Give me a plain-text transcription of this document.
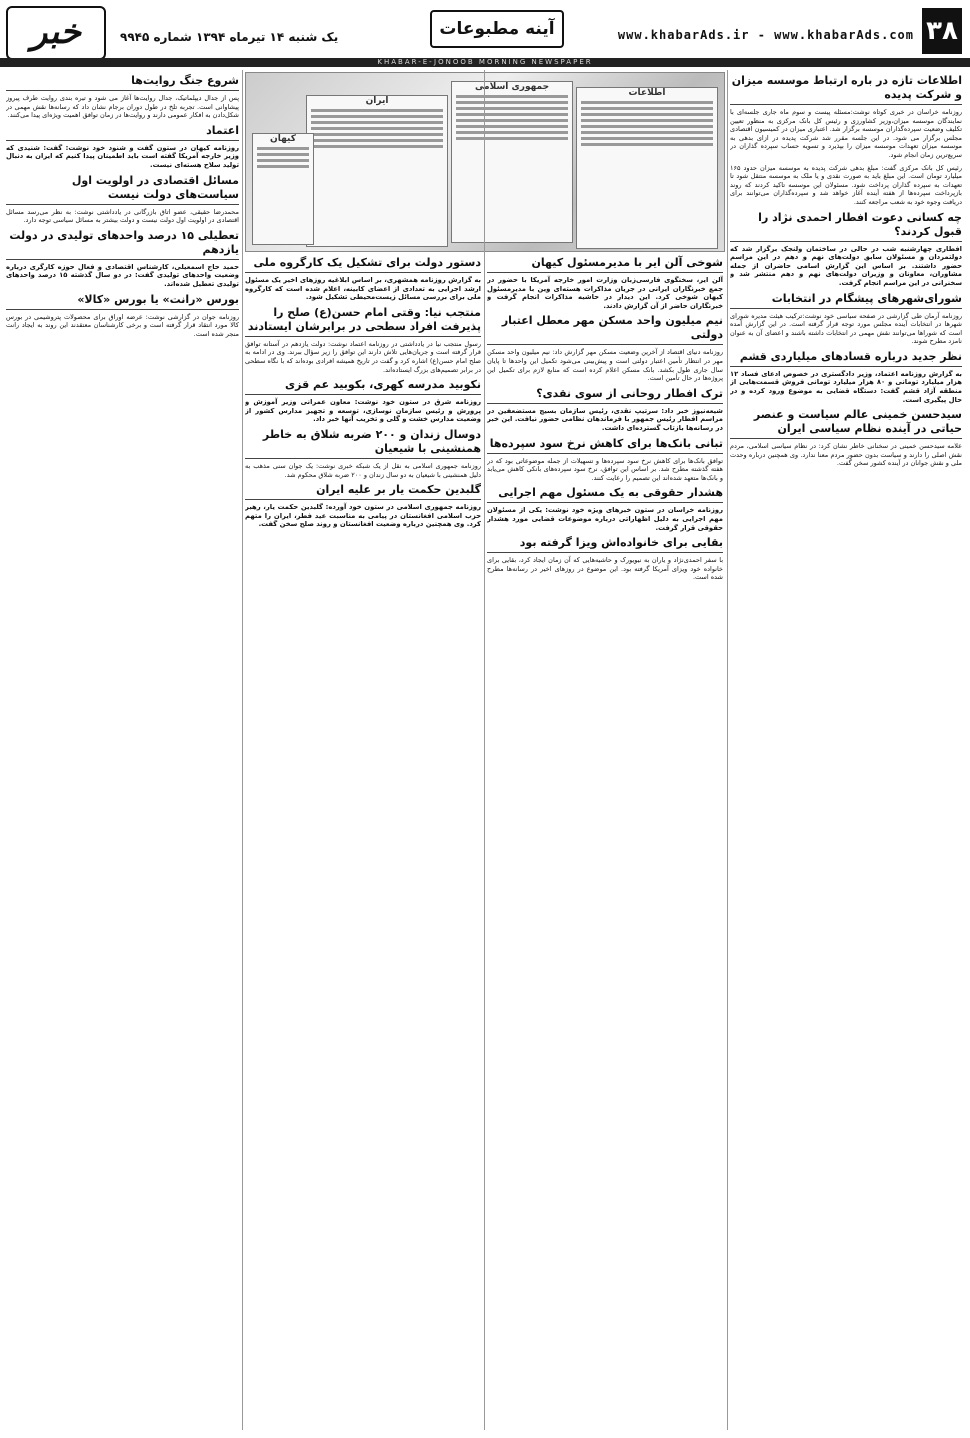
۳۸
www.khabarAds.ir - www.khabarAds.com
آینه مطبوعات
یک شنبه ۱۴ تیرماه ۱۳۹۴ شماره ۹۹۴۵
خبر
KHABAR-E-JONOOB MORNING NEWSPAPER
جمهوری اسلامی
اطلاعات
ایران
کیهان
اطلاعات تازه در باره ارتباط موسسه میزان و شرکت پدیده

روزنامه خراسان در خبری کوتاه نوشت:مسئله پیست و سوم ماه جاری جلسه‌ای با نمایندگان موسسه میزان،وزیر کشاورزی و رئیس کل بانک مرکزی به منظور تعیین تکلیف وضعیت سپرده‌گذاران موسسه برگزار شد. اعتباری میزان در کمیسیون اقتصادی مجلس برگزار می شود. در این جلسه مقرر شد شرکت پدیده در ازای بدهی به موسسه میزان تعهدات موسسه میزان را بپذیرد و تسویه حساب سپرده گذاران در سریع‌ترین زمان انجام شود.

رئیس کل بانک مرکزی گفت: مبلغ بدهی شرکت پدیده به موسسه میزان حدود ۱۶۵ میلیارد تومان است. این مبلغ باید به صورت نقدی و یا ملک به موسسه منتقل شود تا تعهدات به سپرده گذاران پرداخت شود. مسئولان این موسسه تاکید کردند که روند بازپرداخت سپرده‌ها از هفته آینده آغاز خواهد شد و سپرده‌گذاران می‌توانند برای دریافت وجوه خود به شعب مراجعه کنند.

چه کسانی دعوت افطار احمدی نژاد را قبول کردند؟

افطاری چهارشنبه شب در حالی در ساختمان ولنجک برگزار شد که دولتمردان و مسئولان سابق دولت‌های نهم و دهم در این مراسم حضور داشتند. بر اساس این گزارش اسامی حاضران از جمله مشاوران، معاونان و وزیران دولت‌های نهم و دهم منتشر شد و سخنرانی در این مراسم انجام گرفت.

شورای‌شهرهای پیشگام در انتخابات

روزنامه آرمان طی گزارشی در صفحه سیاسی خود نوشت:ترکیب هیئت مدیره شورای شهرها در انتخابات آینده مجلس مورد توجه قرار گرفته است. در این گزارش آمده است که شوراها می‌توانند نقش مهمی در انتخابات داشته باشند و اعضای آن به عنوان نامزد مطرح شوند.

نظر جدید درباره قسادهای میلیاردی قشم

به گزارش روزنامه اعتماد، وزیر دادگستری در خصوص ادعای فساد ۱۲ هزار میلیارد تومانی و ۸۰ هزار میلیارد تومانی فروش قسمت‌هایی از منطقه آزاد قشم گفت: دستگاه قضایی به موضوع ورود کرده و در حال پیگیری است.

سیدحسن خمینی عالم سیاست و عنصر حیاتی در آینده نظام سیاسی ایران

علامه سیدحسن خمینی در سخنانی خاطر نشان کرد: در نظام سیاسی اسلامی، مردم نقش اصلی را دارند و سیاست بدون حضور مردم معنا ندارد. وی همچنین درباره وحدت ملی و نقش جوانان در آینده کشور سخن گفت.

شوخی آلن ایر با مدیرمسئول کیهان

آلن ایر، سخنگوی فارسی‌زبان وزارت امور خارجه آمریکا با حضور در جمع خبرنگاران ایرانی در جریان مذاکرات هسته‌ای وین با مدیرمسئول کیهان شوخی کرد. این دیدار در حاشیه مذاکرات انجام گرفت و خبرنگاران حاضر از آن گزارش دادند.

نیم میلیون واحد مسکن مهر معطل اعتبار دولتی

روزنامه دنیای اقتصاد از آخرین وضعیت مسکن مهر گزارش داد: نیم میلیون واحد مسکن مهر در انتظار تأمین اعتبار دولتی است و پیش‌بینی می‌شود تکمیل این واحدها تا پایان سال جاری طول بکشد. بانک مسکن اعلام کرده است که منابع لازم برای تکمیل این پروژه‌ها در حال تأمین است.

ترک افطار روحانی از سوی نقدی؟

شیعه‌نیوز خبر داد: سرتیپ نقدی، رئیس سازمان بسیج مستضعفین در مراسم افطار رئیس جمهور با فرماندهان نظامی حضور نیافت. این خبر در رسانه‌ها بازتاب گسترده‌ای داشت.

تبانی بانک‌ها برای کاهش نرخ سود سپرده‌ها

توافق بانک‌ها برای کاهش نرخ سود سپرده‌ها و تسهیلات از جمله موضوعاتی بود که در هفته گذشته مطرح شد. بر اساس این توافق، نرخ سود سپرده‌های بانکی کاهش می‌یابد و بانک‌ها متعهد شده‌اند این تصمیم را رعایت کنند.

هشدار حقوقی به یک مسئول مهم اجرایی

روزنامه خراسان در ستون خبرهای ویژه خود نوشت: یکی از مسئولان مهم اجرایی به دلیل اظهاراتی درباره موضوعات قضایی مورد هشدار حقوقی قرار گرفت.

بقایی برای خانواده‌اش ویزا گرفته بود

با سفر احمدی‌نژاد و یاران به نیویورک و حاشیه‌هایی که آن زمان ایجاد کرد، بقایی برای خانواده خود ویزای آمریکا گرفته بود. این موضوع در روزهای اخیر در رسانه‌ها مطرح شده است.

دستور دولت برای تشکیل یک کارگروه ملی

به گزارش روزنامه همشهری، بر اساس ابلاغیه روزهای اخیر یک مسئول ارشد اجرایی به تعدادی از اعضای کابینه، اعلام شده است که کارگروه ملی برای بررسی مسائل زیست‌محیطی تشکیل شود.

منتجب نیا: وقتی امام حسن(ع) صلح را پذیرفت افراد سطحی در برابرشان ایستادند

رسول منتجب نیا در یادداشتی در روزنامه اعتماد نوشت: دولت یازدهم در آستانه توافق قرار گرفته است و جریان‌هایی تلاش دارند این توافق را زیر سؤال ببرند. وی در ادامه به صلح امام حسن(ع) اشاره کرد و گفت در تاریخ همیشه افرادی بوده‌اند که با نگاه سطحی در برابر تصمیم‌های بزرگ ایستاده‌اند.

نکوبید مدرسه کهری، بکوبید عم قزی

روزنامه شرق در ستون خود نوشت: معاون عمرانی وزیر آموزش و پرورش و رئیس سازمان نوسازی، توسعه و تجهیز مدارس کشور از وضعیت مدارس خشت و گلی و تخریب آنها خبر داد.

دوسال زندان و ۲۰۰ ضربه شلاق به خاطر همنشینی با شیعیان

روزنامه جمهوری اسلامی به نقل از یک شبکه خبری نوشت: یک جوان سنی مذهب به دلیل همنشینی با شیعیان به دو سال زندان و ۲۰۰ ضربه شلاق محکوم شد.

گلبدین حکمت یار بر علیه ایران

روزنامه جمهوری اسلامی در ستون خود آورده: گلبدین حکمت یار، رهبر حزب اسلامی افغانستان در پیامی به مناسبت عید فطر، ایران را متهم کرد. وی همچنین درباره وضعیت افغانستان و روند صلح سخن گفت.

شروع جنگ روایت‌ها

پس از جدال دیپلماتیک، جدال روایت‌ها آغاز می شود و تیره بندی روایت طرف پیروز پیشا‌وانی است. تجربه تلخ در طول دوران برجام نشان داد که رسانه‌ها نقش مهمی در شکل‌دادن به افکار عمومی دارند و روایت‌ها در زمان توافق اهمیت ویژه‌ای پیدا می‌کنند.

اعتماد

روزنامه کیهان در ستون گفت و شنود خود نوشت: گفت: شنیدی که وزیر خارجه آمریکا گفته است باید اطمینان پیدا کنیم که ایران به دنبال تولید سلاح هسته‌ای نیست.

مسائل اقتصادی در اولویت اول سیاست‌های دولت نیست

محمدرضا حقیقی، عضو اتاق بازرگانی در یادداشتی نوشت: به نظر می‌رسد مسائل اقتصادی در اولویت اول دولت نیست و دولت بیشتر به مسائل سیاسی توجه دارد.

تعطیلی ۱۵ درصد واحدهای تولیدی در دولت یازدهم

حمید حاج اسمعیلی، کارشناس اقتصادی و فعال حوزه کارگری درباره وضعیت واحدهای تولیدی گفت: در دو سال گذشته ۱۵ درصد واحدهای تولیدی تعطیل شده‌اند.

بورس «رانت» یا بورس «کالا»

روزنامه جوان در گزارشی نوشت: عرضه اوراق برای محصولات پتروشیمی در بورس کالا مورد انتقاد قرار گرفته است و برخی کارشناسان معتقدند این روند به ایجاد رانت منجر شده است.
